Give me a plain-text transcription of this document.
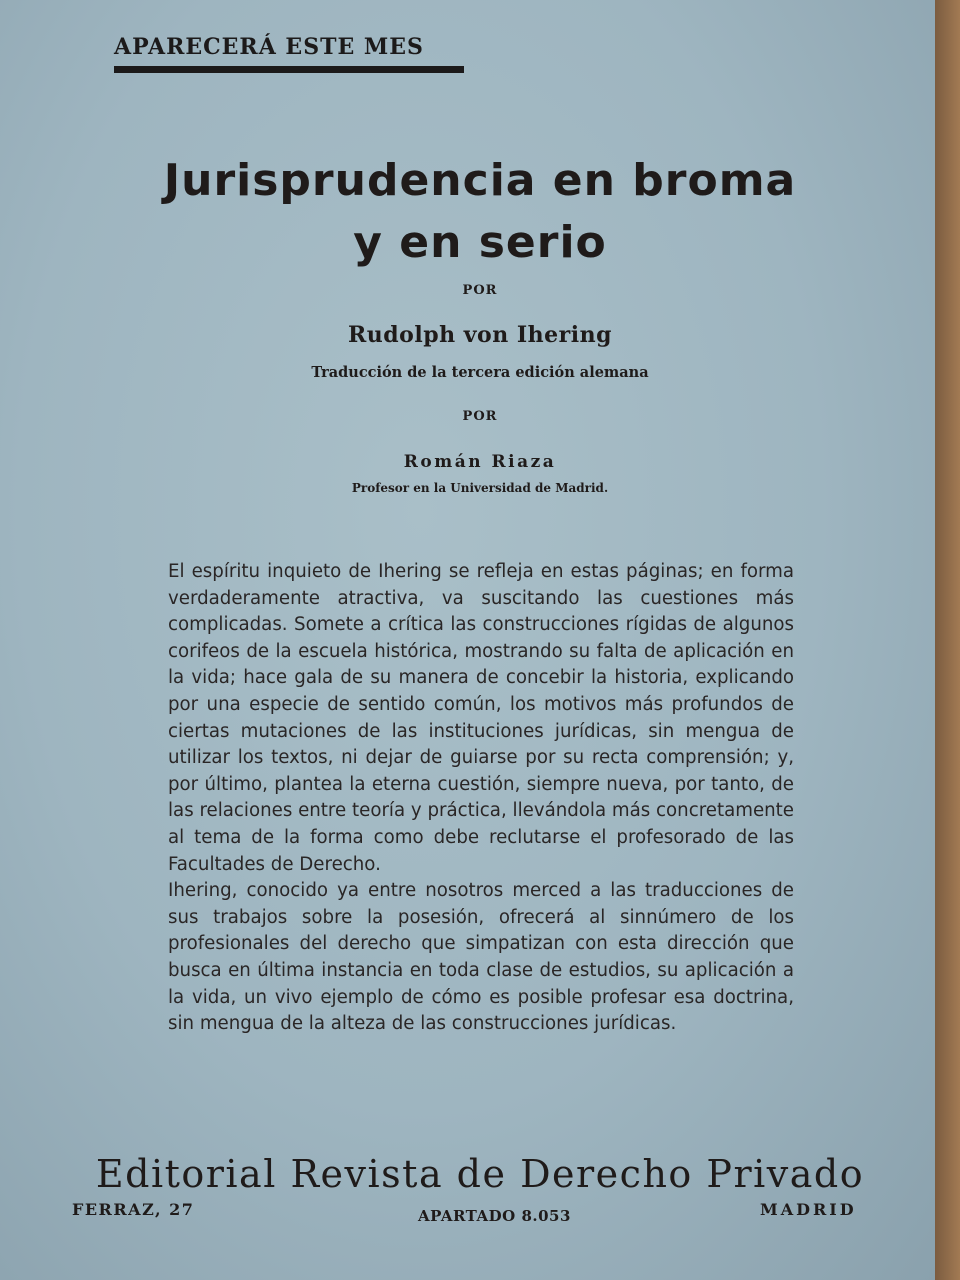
APARECERÁ ESTE MES
Jurisprudencia en broma
y en serio
POR
Rudolph von Ihering
Traducción de la tercera edición alemana
POR
Román Riaza
Profesor en la Universidad de Madrid.

El espíritu inquieto de Ihering se refleja en estas páginas; en forma verdaderamente atractiva, va suscitando las cuestiones más complicadas. Somete a crítica las construcciones rígidas de algunos corifeos de la escuela histórica, mostrando su falta de aplicación en la vida; hace gala de su manera de concebir la historia, explicando por una especie de sentido común, los motivos más profundos de ciertas mutaciones de las instituciones jurídicas, sin mengua de utilizar los textos, ni dejar de guiarse por su recta comprensión; y, por último, plantea la eterna cuestión, siempre nueva, por tanto, de las relaciones entre teoría y práctica, llevándola más concretamente al tema de la forma como debe reclutarse el profesorado de las Facultades de Derecho.

Ihering, conocido ya entre nosotros merced a las traducciones de sus trabajos sobre la posesión, ofrecerá al sinnúmero de los profesionales del derecho que simpatizan con esta dirección que busca en última instancia en toda clase de estudios, su aplicación a la vida, un vivo ejemplo de cómo es posible profesar esa doctrina, sin mengua de la alteza de las construcciones jurídicas.

Editorial Revista de Derecho Privado
FERRAZ, 27	APARTADO 8.053	MADRID
